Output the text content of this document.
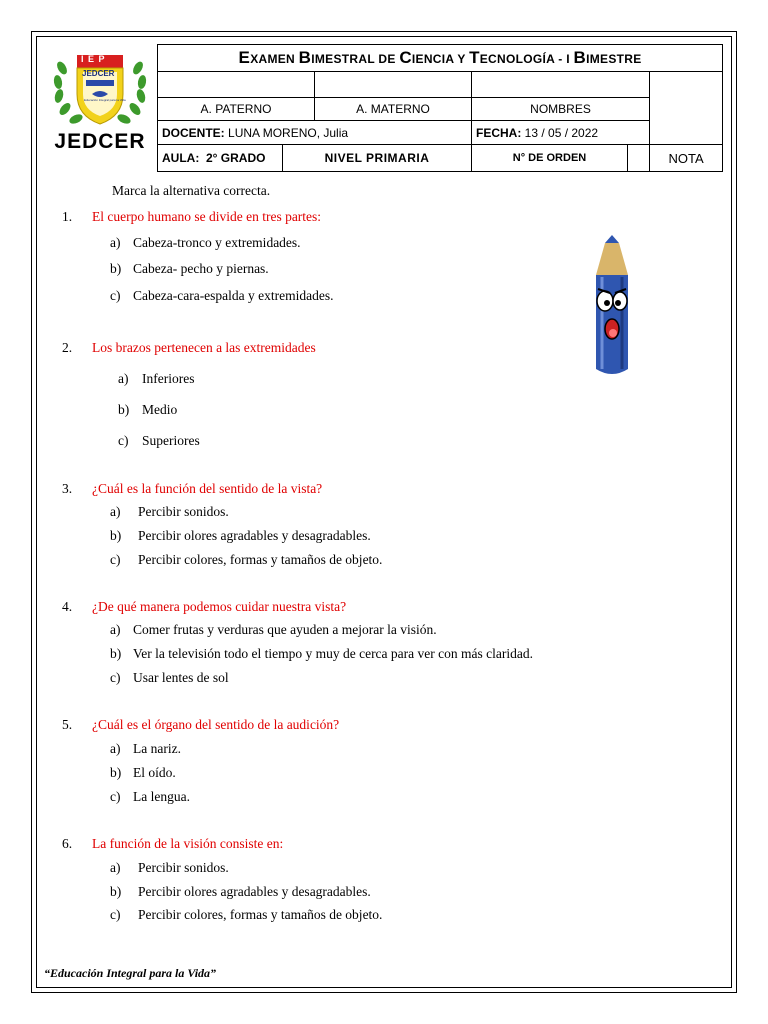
I E P
JEDCER
Educación Integral para la Vida
JEDCER
EXAMEN BIMESTRAL DE CIENCIA Y TECNOLOGÍA - I BIMESTRE					

A. PATERNO		A. MATERNO	NOMBRES		
DOCENTE: LUNA MORENO, Julia			FECHA: 13 / 05 / 2022		
AULA: 2° GRADO	NIVEL PRIMARIA		N° DE ORDEN		NOTA
Marca la alternativa correcta.
1. El cuerpo humano se divide en tres partes:
a) Cabeza-tronco y extremidades.
b) Cabeza- pecho y piernas.
c) Cabeza-cara-espalda y extremidades.
2. Los brazos pertenecen a las extremidades
a) Inferiores
b) Medio
c) Superiores
3. ¿Cuál es la función del sentido de la vista?
a) Percibir sonidos.
b) Percibir olores agradables y desagradables.
c) Percibir colores, formas y tamaños de objeto.
4. ¿De qué manera podemos cuidar nuestra vista?
a) Comer frutas y verduras que ayuden a mejorar la visión.
b) Ver la televisión todo el tiempo y muy de cerca para ver con más claridad.
c) Usar lentes de sol
5. ¿Cuál es el órgano del sentido de la audición?
a) La nariz.
b) El oído.
c) La lengua.
6. La función de la visión consiste en:
a) Percibir sonidos.
b) Percibir olores agradables y desagradables.
c) Percibir colores, formas y tamaños de objeto.
“Educación Integral para la Vida”
